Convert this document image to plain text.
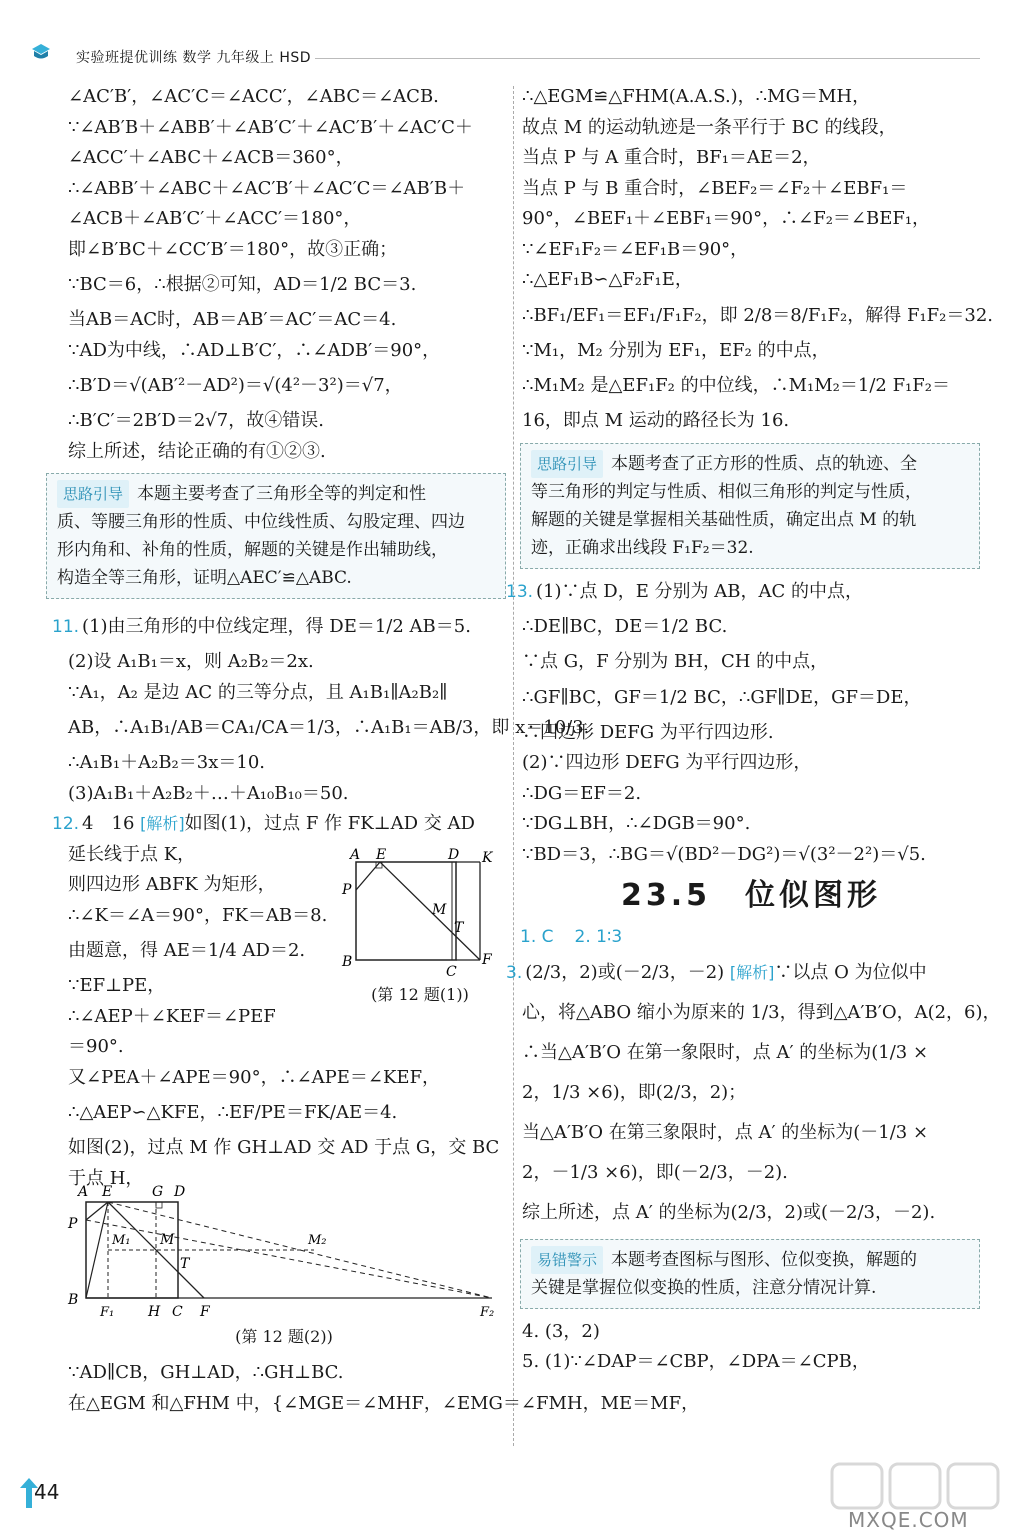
实验班提优训练 数学 九年级上 HSD
∠AC′B′，∠AC′C＝∠ACC′，∠ABC＝∠ACB.
∵∠AB′B＋∠ABB′＋∠AB′C′＋∠AC′B′＋∠AC′C＋
∠ACC′＋∠ABC＋∠ACB＝360°，
∴∠ABB′＋∠ABC＋∠AC′B′＋∠AC′C＝∠AB′B＋
∠ACB＋∠AB′C′＋∠ACC′＝180°，
即∠B′BC＋∠CC′B′＝180°，故③正确；
∵BC＝6，∴根据②可知，AD＝1/2 BC＝3.
当AB＝AC时，AB＝AB′＝AC′＝AC＝4.
∵AD为中线，∴AD⊥B′C′，∴∠ADB′＝90°，
∴B′D＝√(AB′²－AD²)＝√(4²－3²)＝√7，
∴B′C′＝2B′D＝2√7，故④错误.
综上所述，结论正确的有①②③.
思路引导 本题主要考查了三角形全等的判定和性
质、等腰三角形的性质、中位线性质、勾股定理、四边
形内角和、补角的性质，解题的关键是作出辅助线，
构造全等三角形，证明△AEC′≌△ABC.
11. (1)由三角形的中位线定理，得 DE＝1/2 AB＝5.
(2)设 A₁B₁＝x，则 A₂B₂＝2x.
∵A₁，A₂ 是边 AC 的三等分点，且 A₁B₁∥A₂B₂∥
AB，∴A₁B₁/AB＝CA₁/CA＝1/3，∴A₁B₁＝AB/3，即 x＝10/3.
∴A₁B₁＋A₂B₂＝3x＝10.
(3)A₁B₁＋A₂B₂＋…＋A₁₀B₁₀＝50.
12. 4　16 [解析]如图(1)，过点 F 作 FK⊥AD 交 AD
延长线于点 K，
则四边形 ABFK 为矩形，
∴∠K＝∠A＝90°，FK＝AB＝8.
由题意，得 AE＝1/4 AD＝2.
∵EF⊥PE，
∴∠AEP＋∠KEF＝∠PEF
＝90°.
又∠PEA＋∠APE＝90°，∴∠APE＝∠KEF，
∴△AEP∽△KFE，∴EF/PE＝FK/AE＝4.
如图(2)，过点 M 作 GH⊥AD 交 AD 于点 G，交 BC
于点 H，
∵AD∥CB，GH⊥AD，∴GH⊥BC.
在△EGM 和△FHM 中，{∠MGE＝∠MHF，∠EMG＝∠FMH，ME＝MF，
A E	D K
P
M
T
B
C
F
(第 12 题(1))
A E	G D
P
M₁ M	M₂
T
B
F₁ H C F	F₂
(第 12 题(2))
∴△EGM≌△FHM(A.A.S.)，∴MG＝MH，
故点 M 的运动轨迹是一条平行于 BC 的线段，
当点 P 与 A 重合时，BF₁＝AE＝2，
当点 P 与 B 重合时，∠BEF₂＝∠F₂＋∠EBF₁＝
90°，∠BEF₁＋∠EBF₁＝90°，∴∠F₂＝∠BEF₁，
∵∠EF₁F₂＝∠EF₁B＝90°，
∴△EF₁B∽△F₂F₁E，
∴BF₁/EF₁＝EF₁/F₁F₂，即 2/8＝8/F₁F₂，解得 F₁F₂＝32.
∵M₁，M₂ 分别为 EF₁，EF₂ 的中点，
∴M₁M₂ 是△EF₁F₂ 的中位线，∴M₁M₂＝1/2 F₁F₂＝
16，即点 M 运动的路径长为 16.
思路引导 本题考查了正方形的性质、点的轨迹、全
等三角形的判定与性质、相似三角形的判定与性质，
解题的关键是掌握相关基础性质，确定出点 M 的轨
迹，正确求出线段 F₁F₂＝32.
13. (1)∵点 D，E 分别为 AB，AC 的中点，
∴DE∥BC，DE＝1/2 BC.
∵点 G，F 分别为 BH，CH 的中点，
∴GF∥BC，GF＝1/2 BC，∴GF∥DE，GF＝DE，
∴四边形 DEFG 为平行四边形.
(2)∵四边形 DEFG 为平行四边形，
∴DG＝EF＝2.
∵DG⊥BH，∴∠DGB＝90°.
∵BD＝3，∴BG＝√(BD²－DG²)＝√(3²－2²)＝√5.
23.5　 位似图形
1. C　 2. 1∶3
3. (2/3，2)或(－2/3，－2) [解析]∵以点 O 为位似中
心，将△ABO 缩小为原来的 1/3，得到△A′B′O，A(2，6)，
∴当△A′B′O 在第一象限时，点 A′ 的坐标为(1/3 ×
2，1/3 ×6)，即(2/3，2)；
当△A′B′O 在第三象限时，点 A′ 的坐标为(－1/3 ×
2，－1/3 ×6)，即(－2/3，－2).
综上所述，点 A′ 的坐标为(2/3，2)或(－2/3，－2).
易错警示 本题考查图标与图形、位似变换，解题的
关键是掌握位似变换的性质，注意分情况计算.
4. (3，2)
5. (1)∵∠DAP＝∠CBP，∠DPA＝∠CPB，
44
MXQE.COM
